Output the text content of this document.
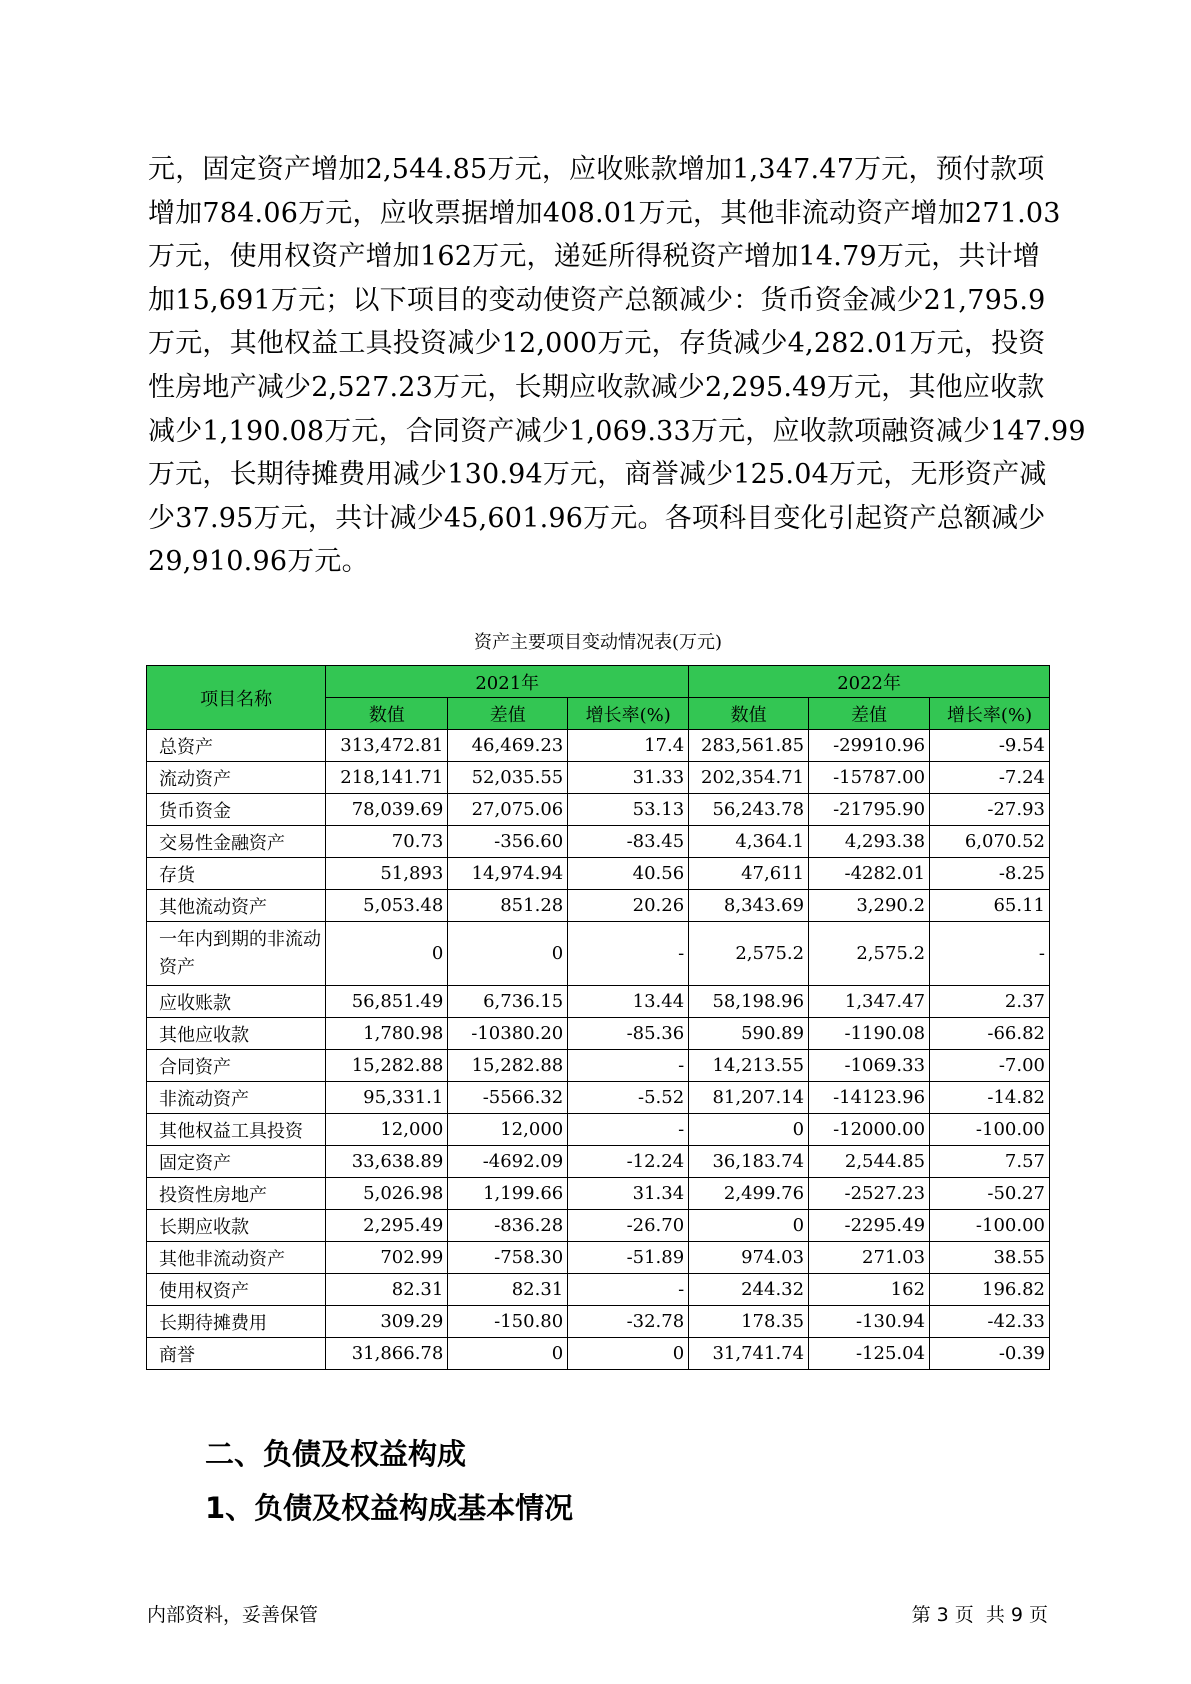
元，固定资产增加2,544.85万元，应收账款增加1,347.47万元，预付款项
增加784.06万元，应收票据增加408.01万元，其他非流动资产增加271.03
万元，使用权资产增加162万元，递延所得税资产增加14.79万元，共计增
加15,691万元；以下项目的变动使资产总额减少：货币资金减少21,795.9
万元，其他权益工具投资减少12,000万元，存货减少4,282.01万元，投资
性房地产减少2,527.23万元，长期应收款减少2,295.49万元，其他应收款
减少1,190.08万元，合同资产减少1,069.33万元，应收款项融资减少147.99
万元，长期待摊费用减少130.94万元，商誉减少125.04万元，无形资产减
少37.95万元，共计减少45,601.96万元。各项科目变化引起资产总额减少
29,910.96万元。
资产主要项目变动情况表(万元)
项目名称	2021年			2022年		
	数值	差值	增长率(%)	数值	差值	增长率(%)
总资产	313,472.81	46,469.23	17.4	283,561.85	-29910.96	-9.54
流动资产	218,141.71	52,035.55	31.33	202,354.71	-15787.00	-7.24
货币资金	78,039.69	27,075.06	53.13	56,243.78	-21795.90	-27.93
交易性金融资产	70.73	-356.60	-83.45	4,364.1	4,293.38	6,070.52
存货	51,893	14,974.94	40.56	47,611	-4282.01	-8.25
其他流动资产	5,053.48	851.28	20.26	8,343.69	3,290.2	65.11
一年内到期的非流动资产	0	0	-	2,575.2	2,575.2	-
应收账款	56,851.49	6,736.15	13.44	58,198.96	1,347.47	2.37
其他应收款	1,780.98	-10380.20	-85.36	590.89	-1190.08	-66.82
合同资产	15,282.88	15,282.88	-	14,213.55	-1069.33	-7.00
非流动资产	95,331.1	-5566.32	-5.52	81,207.14	-14123.96	-14.82
其他权益工具投资	12,000	12,000	-	0	-12000.00	-100.00
固定资产	33,638.89	-4692.09	-12.24	36,183.74	2,544.85	7.57
投资性房地产	5,026.98	1,199.66	31.34	2,499.76	-2527.23	-50.27
长期应收款	2,295.49	-836.28	-26.70	0	-2295.49	-100.00
其他非流动资产	702.99	-758.30	-51.89	974.03	271.03	38.55
使用权资产	82.31	82.31	-	244.32	162	196.82
长期待摊费用	309.29	-150.80	-32.78	178.35	-130.94	-42.33
商誉	31,866.78	0	0	31,741.74	-125.04	-0.39
二、负债及权益构成
1、负债及权益构成基本情况
内部资料，妥善保管	第 3 页  共 9 页
